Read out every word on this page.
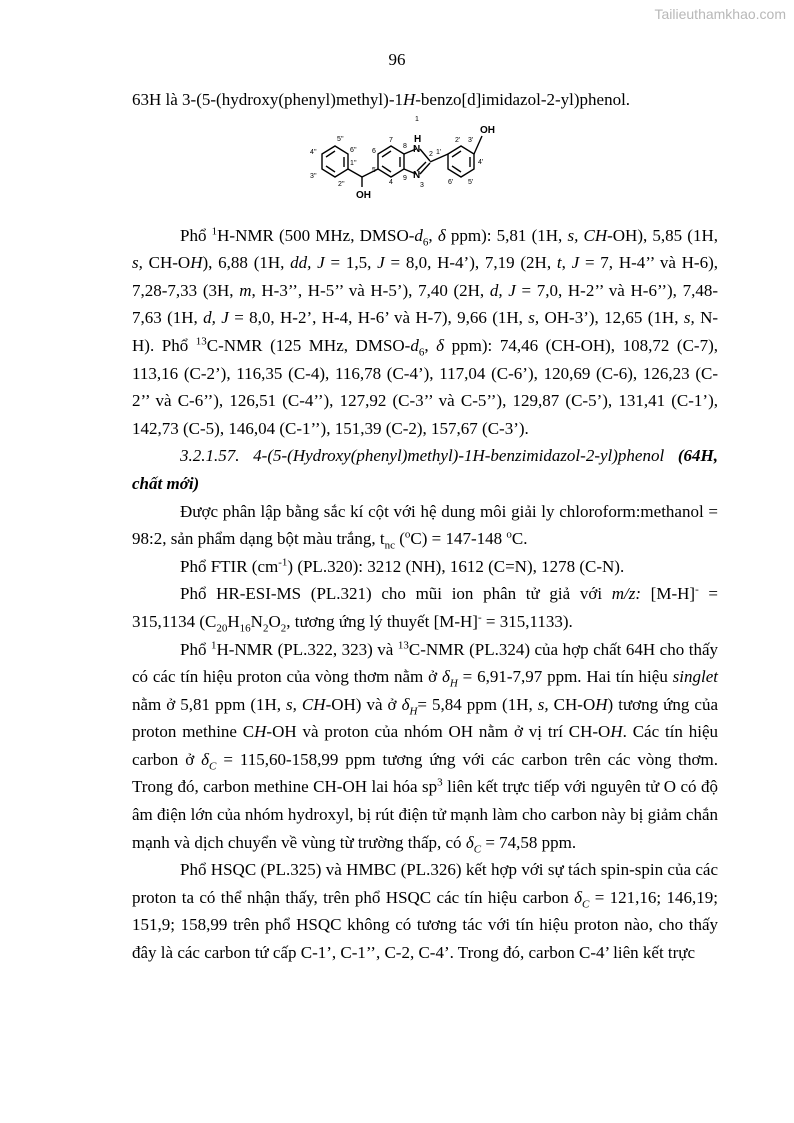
Tailieuthamkhao.com
96

63H là 3-(5-(hydroxy(phenyl)methyl)-1H-benzo[d]imidazol-2-yl)phenol.

OH
OH
N
H
N
1
2
3
4
5
6
7
8
9
1'
2' 3'
4'
5'
6'
1''
2''
3''
4''
5''
6''

Phổ $^1$H-NMR (500 MHz, DMSO-$d_6$, δ ppm): 5,81 (1H, s, CH-OH), 5,85 (1H, s, CH-OH), 6,88 (1H, dd, J = 1,5, J = 8,0, H-4’), 7,19 (2H, t, J = 7, H-4’’ và H-6), 7,28-7,33 (3H, m, H-3’’, H-5’’ và H-5’), 7,40 (2H, d, J = 7,0, H-2’’ và H-6’’), 7,48-7,63 (1H, d, J = 8,0, H-2’, H-4, H-6’ và H-7), 9,66 (1H, s, OH-3’), 12,65 (1H, s, N-H). Phổ $^{13}$C-NMR (125 MHz, DMSO-$d_6$, δ ppm): 74,46 (CH-OH), 108,72 (C-7), 113,16 (C-2’), 116,35 (C-4), 116,78 (C-4’), 117,04 (C-6’), 120,69 (C-6), 126,23 (C-2’’ và C-6’’), 126,51 (C-4’’), 127,92 (C-3’’ và C-5’’), 129,87 (C-5’), 131,41 (C-1’), 142,73 (C-5), 146,04 (C-1’’), 151,39 (C-2), 157,67 (C-3’).

3.2.1.57. 4-(5-(Hydroxy(phenyl)methyl)-1H-benzimidazol-2-yl)phenol (64H, chất mới)

Được phân lập bằng sắc kí cột với hệ dung môi giải ly chloroform:methanol = 98:2, sản phẩm dạng bột màu trắng, $t_{nc}$ ($^o$C) = 147-148 $^o$C.

Phổ FTIR $(cm^{-1})$ (PL.320): 3212 (NH), 1612 (C=N), 1278 (C-N).

Phổ HR-ESI-MS (PL.321) cho mũi ion phân tử giả với m/z: [M-H]- = 315,1134 ($C_{20}H_{16}N_2O_2$, tương ứng lý thuyết [M-H]- = 315,1133).

Phổ $^1$H-NMR (PL.322, 323) và $^{13}$C-NMR (PL.324) của hợp chất 64H cho thấy có các tín hiệu proton của vòng thơm nằm ở $\delta_H = 6,91-7,97$ ppm. Hai tín hiệu singlet nằm ở 5,81 ppm (1H, s, CH-OH) và ở $\delta_H= 5,84$ ppm (1H, s, CH-OH) tương ứng của proton methine CH-OH và proton của nhóm OH nằm ở vị trí CH-OH. Các tín hiệu carbon ở $\delta_C = 115,60-158,99$ ppm tương ứng với các carbon trên các vòng thơm. Trong đó, carbon methine CH-OH lai hóa $sp^3$ liên kết trực tiếp với nguyên tử O có độ âm điện lớn của nhóm hydroxyl, bị rút điện tử mạnh làm cho carbon này bị giảm chắn mạnh và dịch chuyển về vùng từ trường thấp, có $\delta_C = 74,58$ ppm.

Phổ HSQC (PL.325) và HMBC (PL.326) kết hợp với sự tách spin-spin của các proton ta có thể nhận thấy, trên phổ HSQC các tín hiệu carbon $\delta_C = 121,16$; 146,19; 151,9; 158,99 trên phổ HSQC không có tương tác với tín hiệu proton nào, cho thấy đây là các carbon tứ cấp C-1’, C-1’’, C-2, C-4’. Trong đó, carbon C-4’ liên kết trực
